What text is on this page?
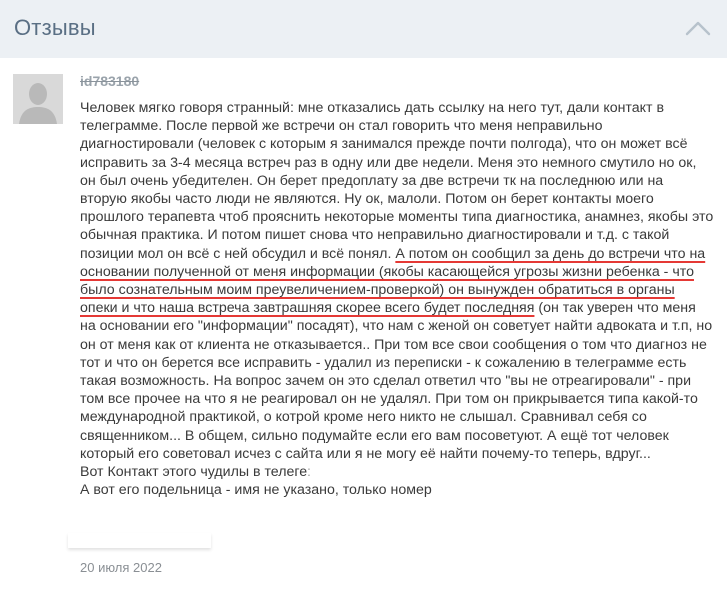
Отзывы
id783180

Человек мягко говоря странный: мне отказались дать ссылку на него тут, дали контакт в телеграмме. После первой же встречи он стал говорить что меня неправильно диагностировали (человек с которым я занимался прежде почти полгода), что он может всё исправить за 3-4 месяца встреч раз в одну или две недели. Меня это немного смутило но ок, он был очень убедителен. Он берет предоплату за две встречи тк на последнюю или на вторую якобы часто люди не являются. Ну ок, малоли. Потом он берет контакты моего прошлого терапевта чтоб прояснить некоторые моменты типа диагностика, анамнез, якобы это обычная практика. И потом пишет снова что неправильно диагностировали и т.д. с такой позиции мол он всё с ней обсудил и всё понял. А потом он сообщил за день до встречи что на основании полученной от меня информации (якобы касающейся угрозы жизни ребенка - что было сознательным моим преувеличением-проверкой) он вынужден обратиться в органы опеки и что наша встреча завтрашняя скорее всего будет последняя (он так уверен что меня на основании его "информации" посадят), что нам с женой он советует найти адвоката и т.п, но он от меня как от клиента не отказывается.. При том все свои сообщения о том что диагноз не тот и что он берется все исправить - удалил из переписки - к сожалению в телеграмме есть такая возможность. На вопрос зачем он это сделал ответил что "вы не отреагировали" - при том все прочее на что я не реагировал он не удалял. При том он прикрывается типа какой-то международной практикой, о котрой кроме него никто не слышал. Сравнивал себя со священником... В общем, сильно подумайте если его вам посоветуют. А ещё тот человек который его советовал исчез с сайта или я не могу её найти почему-то теперь, вдруг...
Вот Контакт этого чудилы в телеге:
А вот его подельница - имя не указано, только номер

20 июля 2022
